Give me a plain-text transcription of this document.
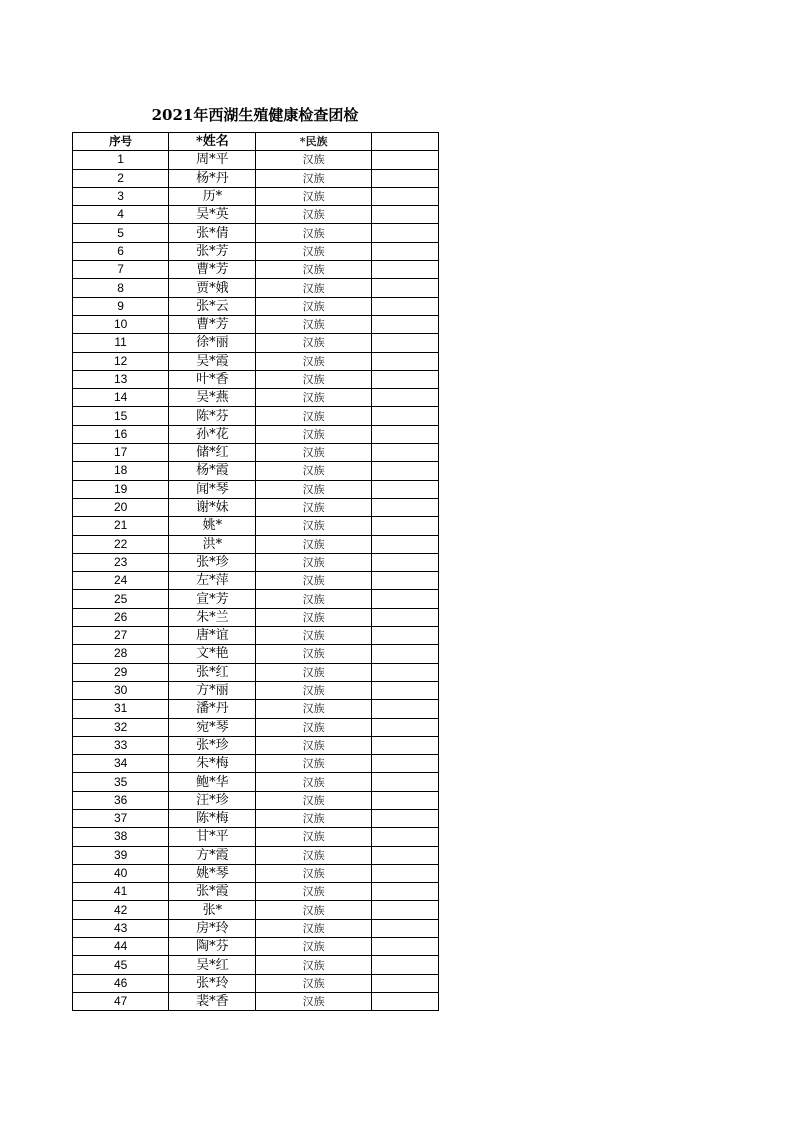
2021年西湖生殖健康检查团检
序号	*姓名	*民族	
1	周*平	汉族	
2	杨*丹	汉族	
3	历*	汉族	
4	吴*英	汉族	
5	张*倩	汉族	
6	张*芳	汉族	
7	曹*芳	汉族	
8	贾*娥	汉族	
9	张*云	汉族	
10	曹*芳	汉族	
11	徐*丽	汉族	
12	吴*霞	汉族	
13	叶*香	汉族	
14	吴*燕	汉族	
15	陈*芬	汉族	
16	孙*花	汉族	
17	储*红	汉族	
18	杨*霞	汉族	
19	闻*琴	汉族	
20	谢*妹	汉族	
21	姚*	汉族	
22	洪*	汉族	
23	张*珍	汉族	
24	左*萍	汉族	
25	宣*芳	汉族	
26	朱*兰	汉族	
27	唐*谊	汉族	
28	文*艳	汉族	
29	张*红	汉族	
30	方*丽	汉族	
31	潘*丹	汉族	
32	宛*琴	汉族	
33	张*珍	汉族	
34	朱*梅	汉族	
35	鲍*华	汉族	
36	汪*珍	汉族	
37	陈*梅	汉族	
38	甘*平	汉族	
39	方*霞	汉族	
40	姚*琴	汉族	
41	张*霞	汉族	
42	张*	汉族	
43	房*玲	汉族	
44	陶*芬	汉族	
45	吴*红	汉族	
46	张*玲	汉族	
47	裴*香	汉族	
